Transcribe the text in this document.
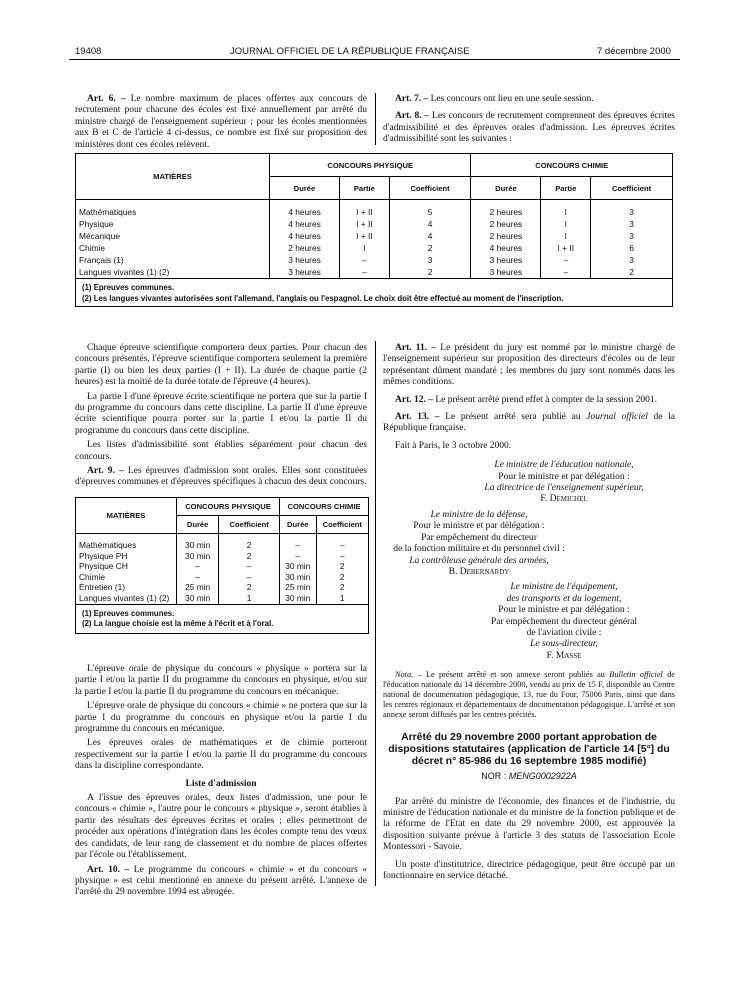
19408	JOURNAL OFFICIEL DE LA RÉPUBLIQUE FRANÇAISE	7 décembre 2000

Art. 6. – Le nombre maximum de places offertes aux concours de recrutement pour chacune des écoles est fixé annuellement par arrêté du ministre chargé de l'enseignement supérieur ; pour les écoles mentionnées aux B et C de l'article 4 ci-dessus, ce nombre est fixé sur proposition des ministères dont ces écoles relèvent.

Art. 7. – Les concours ont lieu en une seule session.

Art. 8. – Les concours de recrutement comprennent des épreuves écrites d'admissibilité et des épreuves orales d'admission. Les épreuves écrites d'admissibilité sont les suivantes :

MATIÈRES	CONCOURS PHYSIQUE			CONCOURS CHIMIE		
	Durée	Partie	Coefficient	Durée	Partie	Coefficient
Mathématiques	4 heures	I + II	5	2 heures	I	3
Physique	4 heures	I + II	4	2 heures	I	3
Mécanique	4 heures	I + II	4	2 heures	I	3
Chimie	2 heures	I	2	4 heures	I + II	6
Français (1)	3 heures	–	3	3 heures	–	3
Langues vivantes (1) (2)	3 heures	–	2	3 heures	–	2

(1) Epreuves communes.
(2) Les langues vivantes autorisées sont l'allemand, l'anglais ou l'espagnol. Le choix doit être effectué au moment de l'inscription.						

Chaque épreuve scientifique comportera deux parties. Pour chacun des concours présentés, l'épreuve scientifique comportera seulement la première partie (I) ou bien les deux parties (I + II). La durée de chaque partie (2 heures) est la moitié de la durée totale de l'épreuve (4 heures).

La partie I d'une épreuve écrite scientifique ne portera que sur la partie I du programme du concours dans cette discipline. La partie II d'une épreuve écrite scientifique pourra porter sur la partie I et/ou la partie II du programme du concours dans cette discipline.

Les listes d'admissibilité sont établies séparément pour chacun des concours.

Art. 9. – Les épreuves d'admission sont orales. Elles sont constituées d'épreuves communes et d'épreuves spécifiques à chacun des deux concours.

MATIÈRES	CONCOURS PHYSIQUE		CONCOURS CHIMIE	
	Durée	Coefficient	Durée	Coefficient
Mathématiques	30 min	2	–	–
Physique PH	30 min	2	–	–
Physique CH	–	–	30 min	2
Chimie	–	–	30 min	2
Entretien (1)	25 min	2	25 min	2
Langues vivantes (1) (2)	30 min	1	30 min	1

(1) Epreuves communes.
(2) La langue choisie est la même à l'écrit et à l'oral.				

L'épreuve orale de physique du concours « physique » portera sur la partie I et/ou la partie II du programme du concours en physique, et/ou sur la partie I et/ou la partie II du programme du concours en mécanique.

L'épreuve orale de physique du concours « chimie » ne portera que sur la partie I du programme du concours en physique et/ou la partie I du programme du concours en mécanique.

Les épreuves orales de mathématiques et de chimie porteront respectivement sur la partie I et/ou la partie II du programme du concours dans la discipline correspondante.

Liste d'admission

A l'issue des épreuves orales, deux listes d'admission, une pour le concours « chimie », l'autre pour le concours « physique », seront établies à partir des résultats des épreuves écrites et orales ; elles permettront de procéder aux opérations d'intégration dans les écoles compte tenu des vœux des candidats, de leur rang de classement et du nombre de places offertes par l'école ou l'établissement.

Art. 10. – Le programme du concours « chimie » et du concours « physique » est celui mentionné en annexe du présent arrêté. L'annexe de l'arrêté du 29 novembre 1994 est abrogée.

Art. 11. – Le président du jury est nommé par le ministre chargé de l'enseignement supérieur sur proposition des directeurs d'écoles ou de leur représentant dûment mandaté ; les membres du jury sont nommés dans les mêmes conditions.

Art. 12. – Le présent arrêté prend effet à compter de la session 2001.

Art. 13. – Le présent arrêté sera publié au Journal officiel de la République française.

Fait à Paris, le 3 octobre 2000.

Le ministre de l'éducation nationale,
Pour le ministre et par délégation :
La directrice de l'enseignement supérieur,
F. Demichel
Le ministre de la défense,
Pour le ministre et par délégation :
Par empêchement du directeur
de la fonction militaire et du personnel civil :
La contrôleuse générale des armées,
B. Debernardy
Le ministre de l'équipement,
des transports et du logement,
Pour le ministre et par délégation :
Par empêchement du directeur général
de l'aviation civile :
Le sous-directeur,
F. Masse

Nota. – Le présent arrêté et son annexe seront publiés au Bulletin officiel de l'éducation nationale du 14 décembre 2000, vendu au prix de 15 F, disponible au Centre national de documentation pédagogique, 13, rue du Four, 75006 Paris, ainsi que dans les centres régionaux et départementaux de documentation pédagogique. L'arrêté et son annexe seront diffusés par les centres précités.

Arrêté du 29 novembre 2000 portant approbation de dispositions statutaires (application de l'article 14 [5°] du décret n° 85-986 du 16 septembre 1985 modifié)

NOR : MENG0002922A

Par arrêté du ministre de l'économie, des finances et de l'industrie, du ministre de l'éducation nationale et du ministre de la fonction publique et de la réforme de l'Etat en date du 29 novembre 2000, est approuvée la disposition suivante prévue à l'article 3 des statuts de l'association Ecole Montessori - Savoie.

Un poste d'institutrice, directrice pédagogique, peut être occupé par un fonctionnaire en service détaché.
